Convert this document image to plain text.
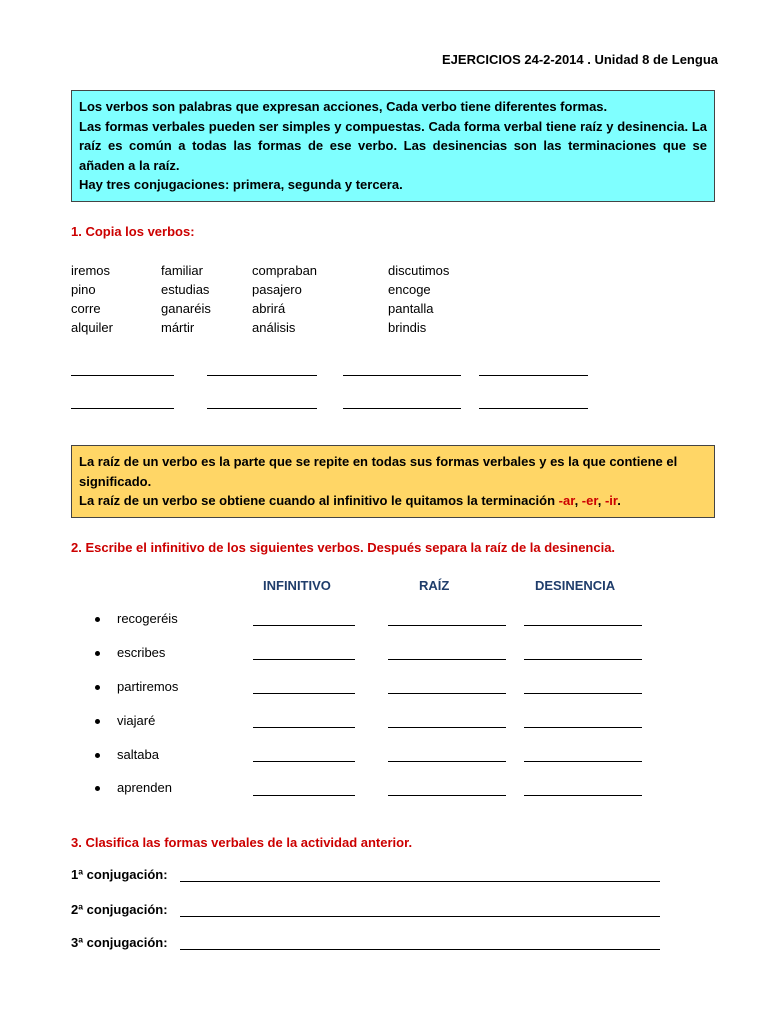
EJERCICIOS 24-2-2014 . Unidad 8 de Lengua

Los verbos son palabras que expresan acciones, Cada verbo tiene diferentes formas.

Las formas verbales pueden ser simples y compuestas. Cada forma verbal tiene raíz y desinencia. La raíz es común a todas las formas de ese verbo. Las desinencias son las terminaciones que se añaden a la raíz.

Hay tres conjugaciones: primera, segunda y tercera.

1. Copia los verbos:
iremos
pino
corre
alquiler
familiar
estudias
ganaréis
mártir
compraban
pasajero
abrirá
análisis
discutimos
encoge
pantalla
brindis

La raíz de un verbo es la parte que se repite en todas sus formas verbales y es la que contiene el significado.

La raíz de un verbo se obtiene cuando al infinitivo le quitamos la terminación -ar, -er, -ir.

2. Escribe el infinitivo de los siguientes verbos. Después separa la raíz de la desinencia.
INFINITIVO	RAÍZ	DESINENCIA
recogeréis
escribes
partiremos
viajaré
saltaba
aprenden
3. Clasifica las formas verbales de la actividad anterior.
1ª conjugación:
2ª conjugación:
3ª conjugación:
